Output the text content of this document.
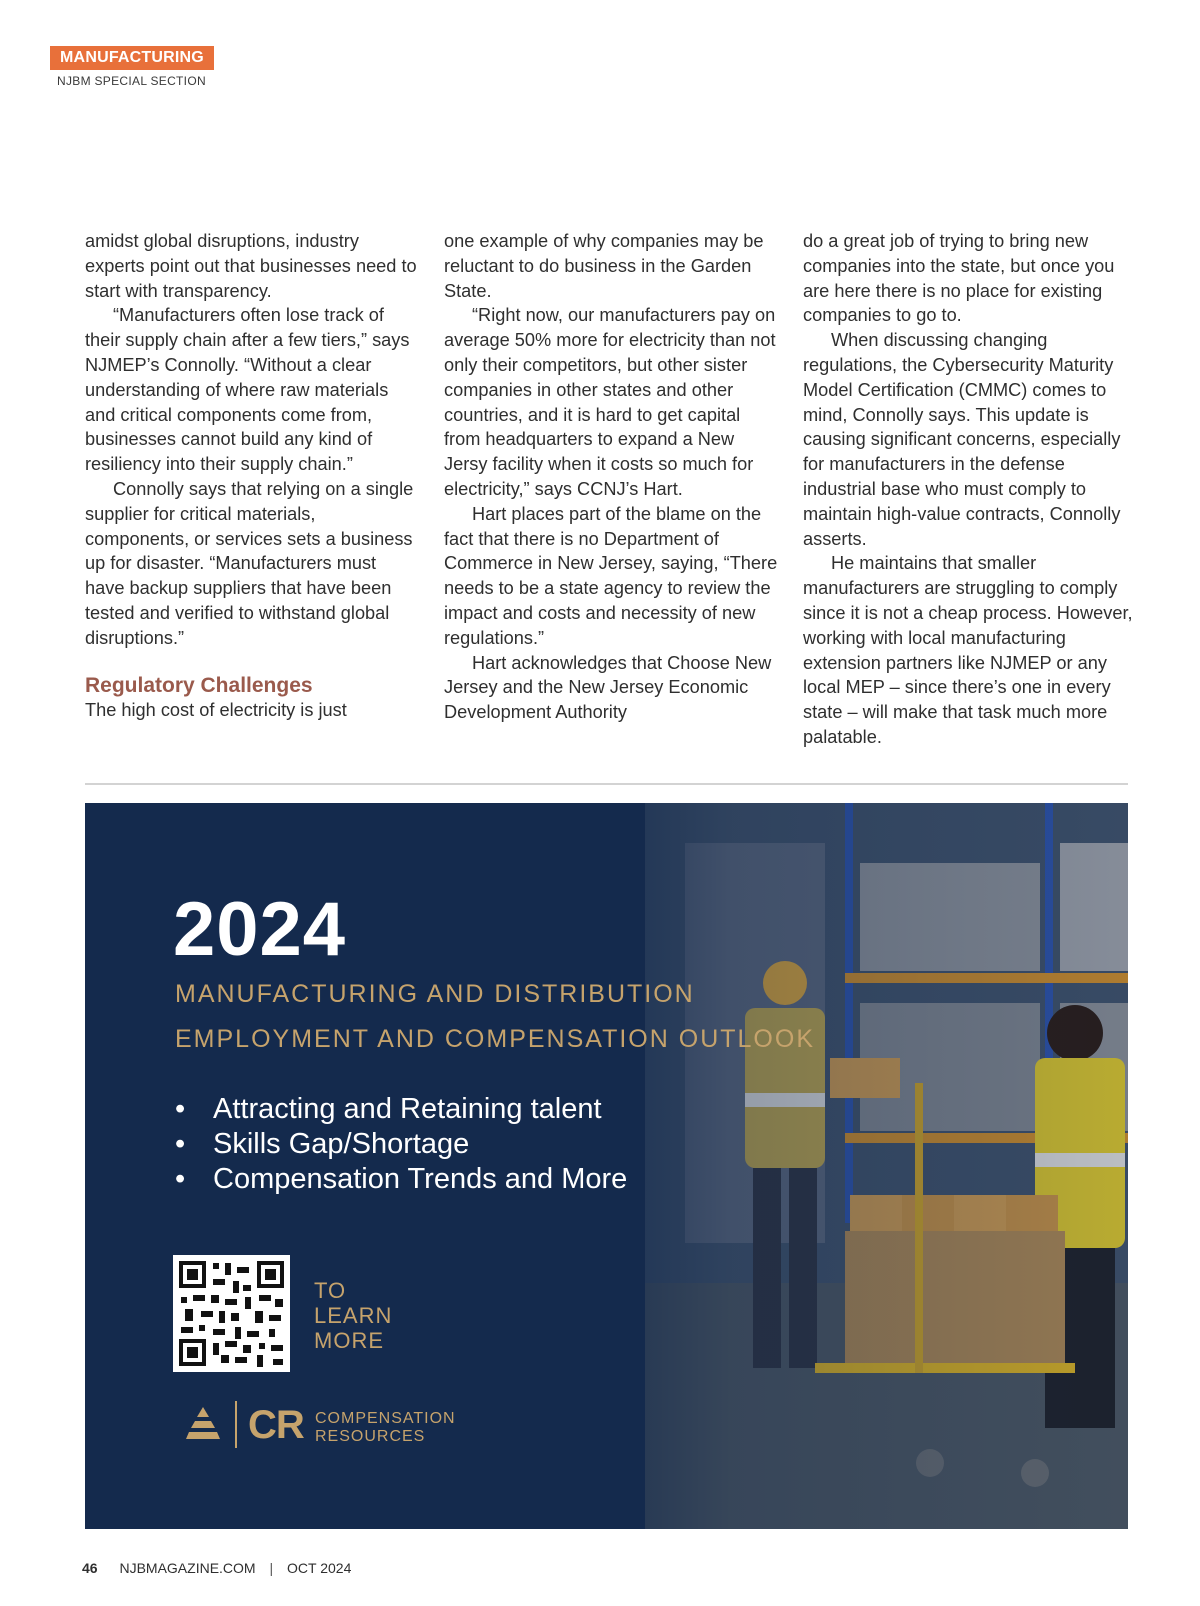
MANUFACTURING
NJBM SPECIAL SECTION

amidst global disruptions, industry experts point out that businesses need to start with transparency.

“Manufacturers often lose track of their supply chain after a few tiers,” says NJMEP’s Connolly. “Without a clear understanding of where raw materials and critical components come from, businesses cannot build any kind of resiliency into their supply chain.”

Connolly says that relying on a single supplier for critical materials, components, or services sets a business up for disaster. “Manufacturers must have backup suppliers that have been tested and verified to withstand global disruptions.”

Regulatory Challenges

The high cost of electricity is just

one example of why companies may be reluctant to do business in the Garden State.

“Right now, our manufacturers pay on average 50% more for electricity than not only their competitors, but other sister companies in other states and other countries, and it is hard to get capital from headquarters to expand a New Jersy facility when it costs so much for electricity,” says CCNJ’s Hart.

Hart places part of the blame on the fact that there is no Department of Commerce in New Jersey, saying, “There needs to be a state agency to review the impact and costs and necessity of new regulations.”

Hart acknowledges that Choose New Jersey and the New Jersey Economic Development Authority

do a great job of trying to bring new companies into the state, but once you are here there is no place for existing companies to go to.

When discussing changing regulations, the Cybersecurity Maturity Model Certification (CMMC) comes to mind, Connolly says. This update is causing significant concerns, especially for manufacturers in the defense industrial base who must comply to maintain high-value contracts, Connolly asserts.

He maintains that smaller manufacturers are struggling to comply since it is not a cheap process. However, working with local manufacturing extension partners like NJMEP or any local MEP – since there’s one in every state – will make that task much more palatable.

2024
MANUFACTURING AND DISTRIBUTION
EMPLOYMENT AND COMPENSATION OUTLOOK
• Attracting and Retaining talent
• Skills Gap/Shortage
• Compensation Trends and More
TO
LEARN
MORE
CR COMPENSATION
RESOURCES
46 NJBMAGAZINE.COM | OCT 2024
